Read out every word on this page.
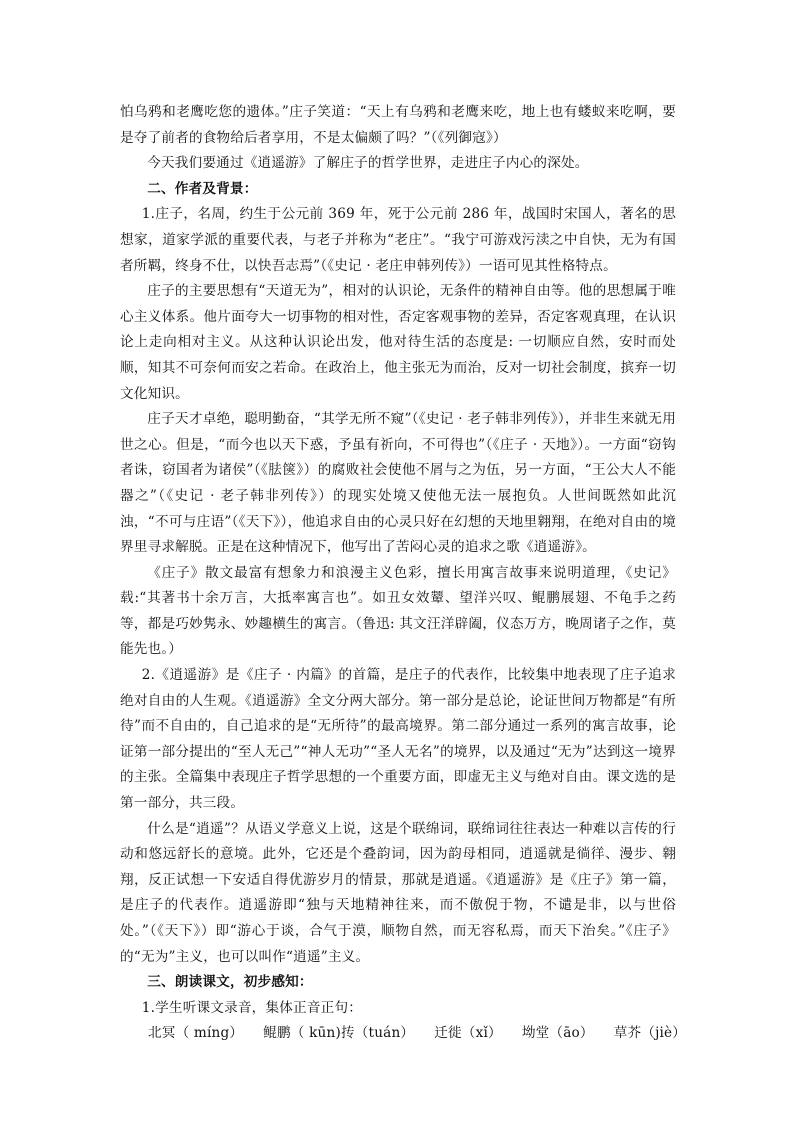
怕乌鸦和老鹰吃您的遗体。”庄子笑道：“天上有乌鸦和老鹰来吃，地上也有蝼蚁来吃啊，要是夺了前者的食物给后者享用，不是太偏颇了吗？”（《列御寇》）

今天我们要通过《逍遥游》了解庄子的哲学世界，走进庄子内心的深处。

二、作者及背景：

1.庄子，名周，约生于公元前 369 年，死于公元前 286 年，战国时宋国人，著名的思想家，道家学派的重要代表，与老子并称为“老庄”。“我宁可游戏污渎之中自快，无为有国者所羁，终身不仕，以快吾志焉”（《史记 · 老庄申韩列传》）一语可见其性格特点。

庄子的主要思想有“天道无为”，相对的认识论，无条件的精神自由等。他的思想属于唯心主义体系。他片面夸大一切事物的相对性，否定客观事物的差异，否定客观真理，在认识论上走向相对主义。从这种认识论出发，他对待生活的态度是: 一切顺应自然，安时而处顺，知其不可奈何而安之若命。在政治上，他主张无为而治，反对一切社会制度，摈弃一切文化知识。

庄子天才卓绝，聪明勤奋，“其学无所不窥”（《史记 · 老子韩非列传》），并非生来就无用世之心。但是，“而今也以天下惑，予虽有祈向，不可得也”（《庄子 · 天地》）。一方面“窃钩者诛，窃国者为诸侯”（《胠箧》）的腐败社会使他不屑与之为伍，另一方面，“王公大人不能器之”（《史记 · 老子韩非列传》）的现实处境又使他无法一展抱负。人世间既然如此沉浊，“不可与庄语”（《天下》），他追求自由的心灵只好在幻想的天地里翱翔，在绝对自由的境界里寻求解脱。正是在这种情况下，他写出了苦闷心灵的追求之歌《逍遥游》。

《庄子》散文最富有想象力和浪漫主义色彩，擅长用寓言故事来说明道理，《史记》载:“其著书十余万言，大抵率寓言也”。如丑女效颦、望洋兴叹、鲲鹏展翅、不龟手之药等，都是巧妙隽永、妙趣横生的寓言。（鲁迅: 其文汪洋辟阖，仪态万方，晚周诸子之作，莫能先也。）

2.《逍遥游》是《庄子 · 内篇》的首篇，是庄子的代表作，比较集中地表现了庄子追求绝对自由的人生观。《逍遥游》全文分两大部分。第一部分是总论，论证世间万物都是“有所待”而不自由的，自己追求的是“无所待”的最高境界。第二部分通过一系列的寓言故事，论证第一部分提出的“至人无己”“神人无功”“圣人无名”的境界，以及通过“无为”达到这一境界的主张。全篇集中表现庄子哲学思想的一个重要方面，即虚无主义与绝对自由。课文选的是第一部分，共三段。

什么是“逍遥”？从语义学意义上说，这是个联绵词，联绵词往往表达一种难以言传的行动和悠远舒长的意境。此外，它还是个叠韵词，因为韵母相同，逍遥就是徜徉、漫步、翱翔，反正试想一下安适自得优游岁月的情景，那就是逍遥。《逍遥游》是《庄子》第一篇，是庄子的代表作。逍遥游即“独与天地精神往来，而不傲倪于物，不谴是非，以与世俗处。”（《天下》）即“游心于谈，合气于漠，顺物自然，而无容私焉，而天下治矣。”《庄子》的“无为”主义，也可以叫作“逍遥”主义。

三、朗读课文，初步感知：

1.学生听课文录音，集体正音正句：

北冥（ míng） 鲲鹏（ kūn)抟（tuán） 迁徙（xǐ） 坳堂（āo） 草芥（jiè）
